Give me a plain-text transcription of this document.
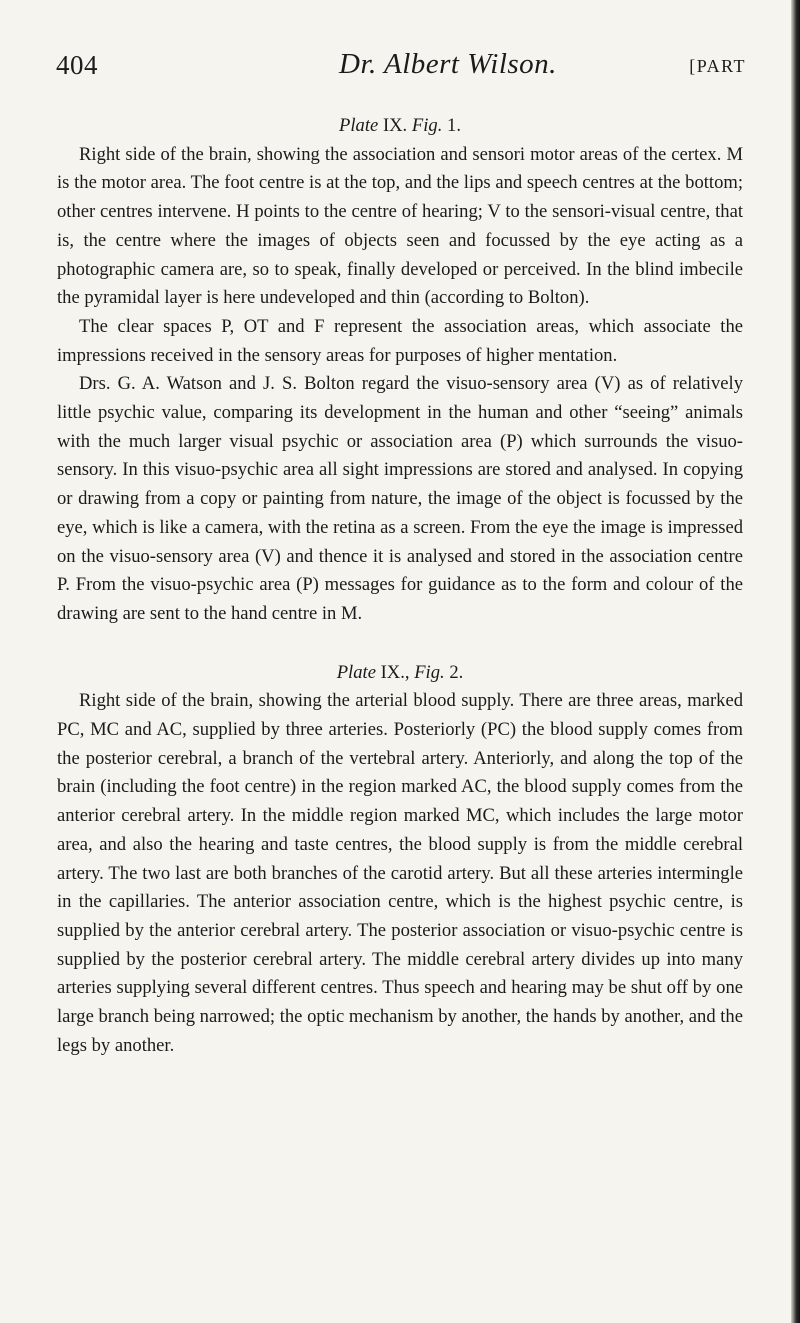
404	Dr. Albert Wilson.	[PART

Plate IX. Fig. 1.

Right side of the brain, showing the association and sensori motor areas of the certex. M is the motor area. The foot centre is at the top, and the lips and speech centres at the bottom; other centres intervene. H points to the centre of hearing; V to the sensori-visual centre, that is, the centre where the images of objects seen and focussed by the eye acting as a photographic camera are, so to speak, finally developed or perceived. In the blind imbecile the pyramidal layer is here undeveloped and thin (according to Bolton).

The clear spaces P, OT and F represent the association areas, which associate the impressions received in the sensory areas for purposes of higher mentation.

Drs. G. A. Watson and J. S. Bolton regard the visuo-sensory area (V) as of relatively little psychic value, comparing its development in the human and other “seeing” animals with the much larger visual psychic or association area (P) which surrounds the visuo-sensory. In this visuo-psychic area all sight impressions are stored and analysed. In copying or drawing from a copy or painting from nature, the image of the object is focussed by the eye, which is like a camera, with the retina as a screen. From the eye the image is impressed on the visuo-sensory area (V) and thence it is analysed and stored in the association centre P. From the visuo-psychic area (P) messages for guidance as to the form and colour of the drawing are sent to the hand centre in M.

Plate IX., Fig. 2.

Right side of the brain, showing the arterial blood supply. There are three areas, marked PC, MC and AC, supplied by three arteries. Posteriorly (PC) the blood supply comes from the posterior cerebral, a branch of the vertebral artery. Anteriorly, and along the top of the brain (including the foot centre) in the region marked AC, the blood supply comes from the anterior cerebral artery. In the middle region marked MC, which includes the large motor area, and also the hearing and taste centres, the blood supply is from the middle cerebral artery. The two last are both branches of the carotid artery. But all these arteries intermingle in the capillaries. The anterior association centre, which is the highest psychic centre, is supplied by the anterior cerebral artery. The posterior association or visuo-psychic centre is supplied by the posterior cerebral artery. The middle cerebral artery divides up into many arteries supplying several different centres. Thus speech and hearing may be shut off by one large branch being narrowed; the optic mechanism by another, the hands by another, and the legs by another.
